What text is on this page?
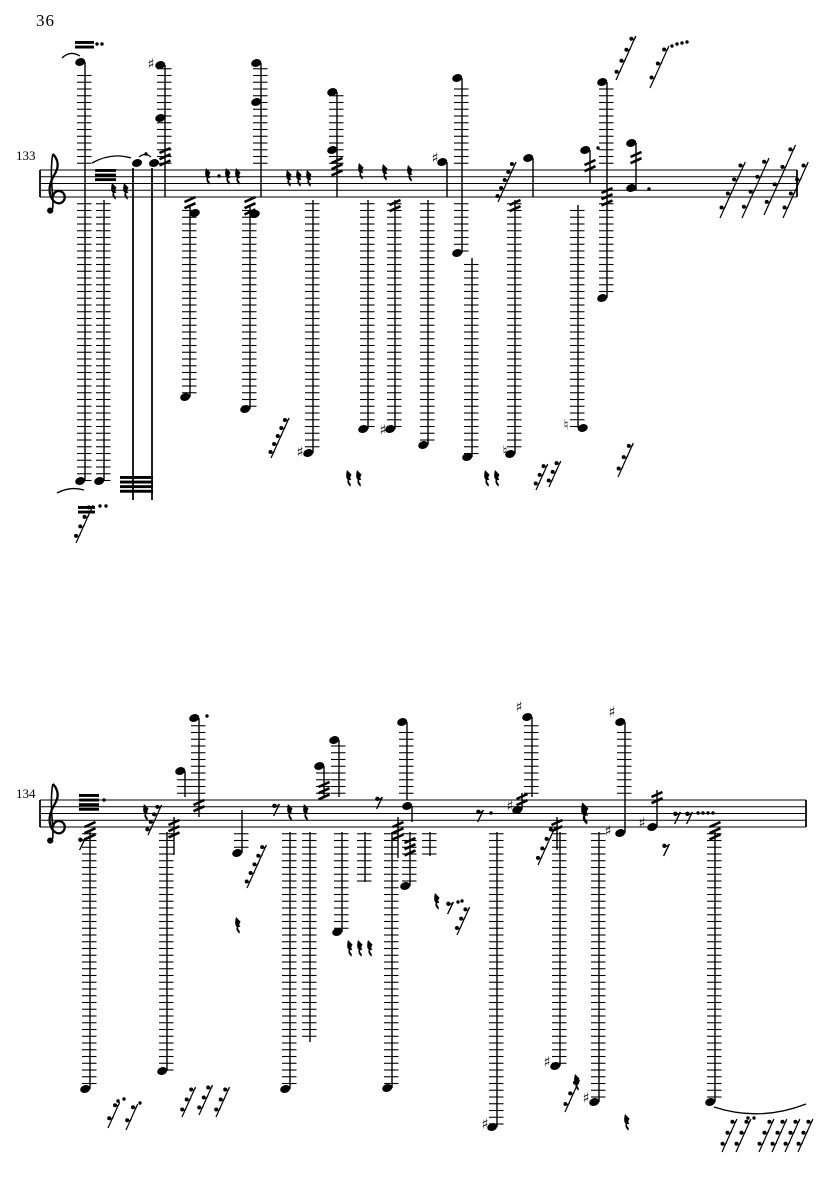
36
133
134
♯
♯
♯
♯
♮
♮
♯
♯
♯
♯
♯
♯
♯ ♯
